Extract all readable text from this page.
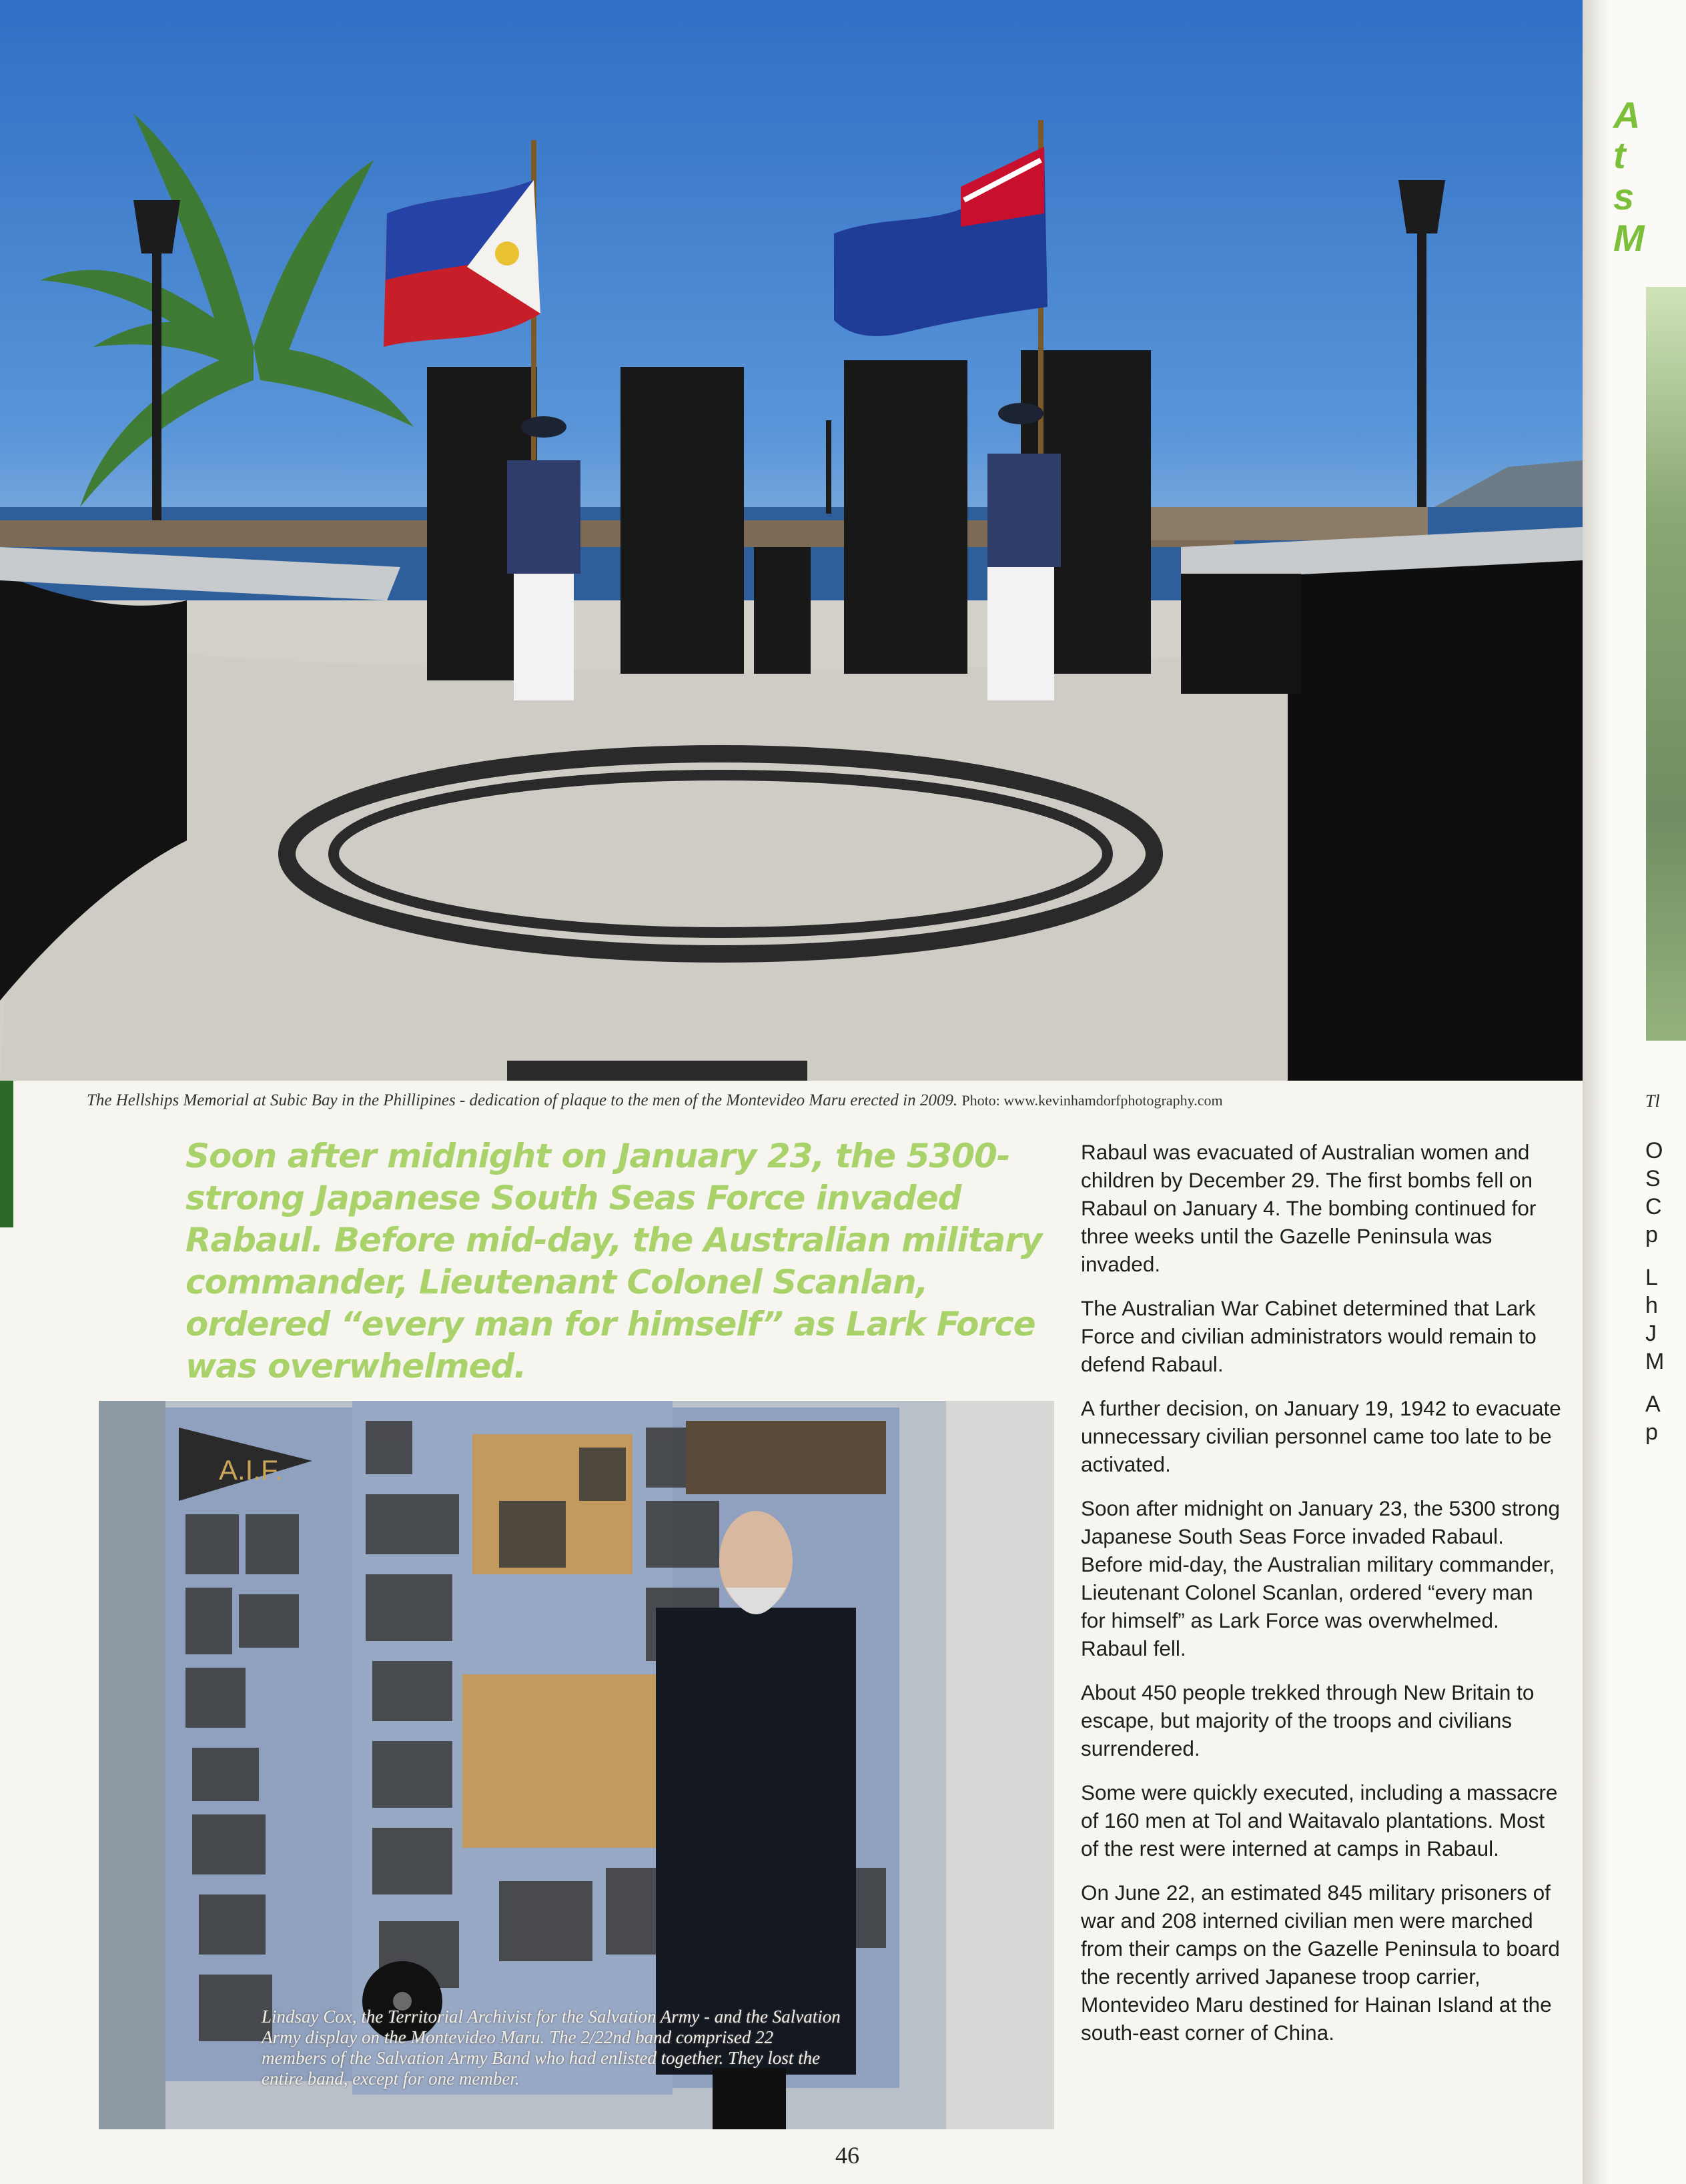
A
t
s
M
Tl
O
S
C
p
L
h
J
M
A
p
The Hellships Memorial at Subic Bay in the Phillipines - dedication of plaque to the men of the Montevideo Maru erected in 2009. Photo: www.kevinhamdorfphotography.com
Soon after midnight on January 23, the 5300-strong Japanese South Seas Force invaded Rabaul. Before mid-day, the Australian military commander, Lieutenant Colonel Scanlan, ordered “every man for himself” as Lark Force was overwhelmed.

Rabaul was evacuated of Australian women and children by December 29. The first bombs fell on Rabaul on January 4. The bombing continued for three weeks until the Gazelle Peninsula was invaded.

The Australian War Cabinet determined that Lark Force and civilian administrators would remain to defend Rabaul.

A further decision, on January 19, 1942 to evacuate unnecessary civilian personnel came too late to be activated.

Soon after midnight on January 23, the 5300 strong Japanese South Seas Force invaded Rabaul. Before mid-day, the Australian military commander, Lieutenant Colonel Scanlan, ordered “every man for himself” as Lark Force was overwhelmed. Rabaul fell.

About 450 people trekked through New Britain to escape, but majority of the troops and civilians surrendered.

Some were quickly executed, including a massacre of 160 men at Tol and Waitavalo plantations. Most of the rest were interned at camps in Rabaul.

On June 22, an estimated 845 military prisoners of war and 208 interned civilian men were marched from their camps on the Gazelle Peninsula to board the recently arrived Japanese troop carrier, Montevideo Maru destined for Hainan Island at the south-east corner of China.

A.I.F.
Lindsay Cox, the Territorial Archivist for the Salvation Army - and the Salvation Army display on the Montevideo Maru. The 2/22nd band comprised 22 members of the Salvation Army Band who had enlisted together. They lost the entire band, except for one member.
46
